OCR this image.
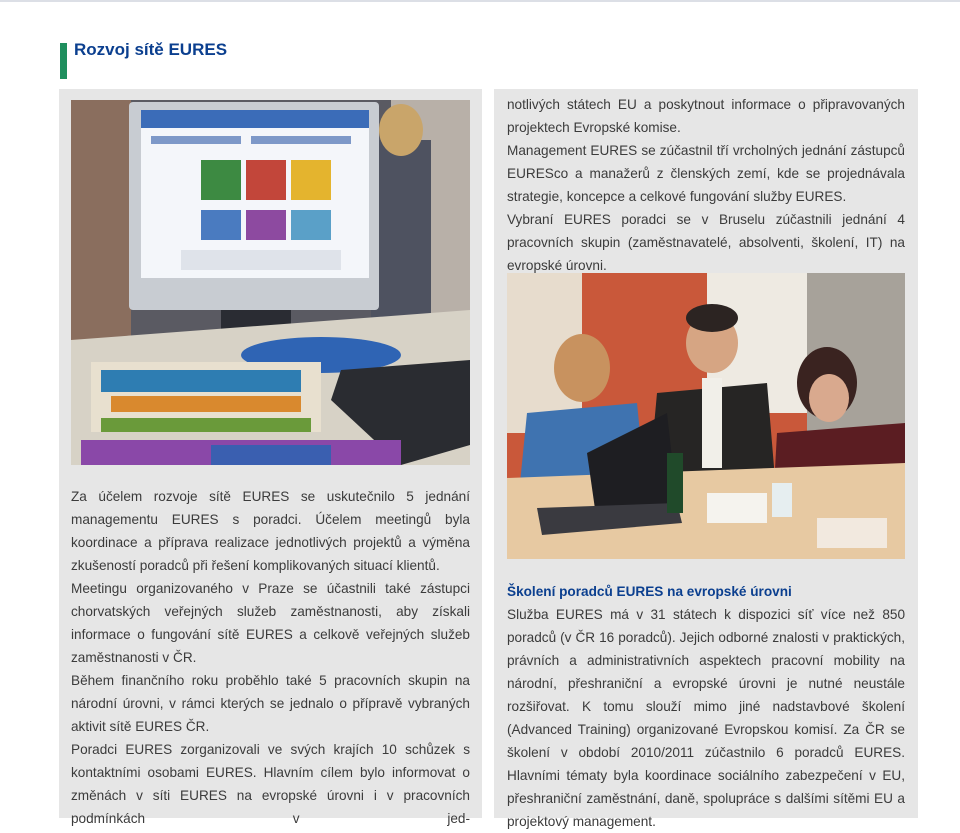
Rozvoj sítě EURES

notlivých státech EU a poskytnout informace o připravovaných projektech Evropské komise.

Management EURES se zúčastnil tří vrcholných jednání zástupců EURESco a manažerů z členských zemí, kde se projednávala strategie, koncepce a celkové fungování služby EURES.

Vybraní EURES poradci se v Bruselu zúčastnili jednání 4 pracovních skupin (zaměstnavatelé, absolventi, školení, IT) na evropské úrovni.

Za účelem rozvoje sítě EURES se uskutečnilo 5 jednání managementu EURES s poradci. Účelem meetingů byla koordinace a příprava realizace jednotlivých projektů a výměna zkušeností poradců při řešení komplikovaných situací klientů.

Meetingu organizovaného v Praze se účastnili také zástupci chorvatských veřejných služeb zaměstnanosti, aby získali informace o fungování sítě EURES a celkově veřejných služeb zaměstnanosti v ČR.

Během finančního roku proběhlo také 5 pracovních skupin na národní úrovni, v rámci kterých se jednalo o přípravě vybraných aktivit sítě EURES ČR.

Poradci EURES zorganizovali ve svých krajích 10 schůzek s kontaktními osobami EURES. Hlavním cílem bylo informovat o změnách v síti EURES na evropské úrovni i v pracovních podmínkách v jed-

Školení poradců EURES na evropské úrovni

Služba EURES má v 31 státech k dispozici síť více než 850 poradců (v ČR 16 poradců). Jejich odborné znalosti v praktických, právních a administrativních aspektech pracovní mobility na národní, přeshraniční a evropské úrovni je nutné neustále rozšiřovat. K tomu slouží mimo jiné nadstavbové školení (Advanced Training) organizované Evropskou komisí. Za ČR se školení v období 2010/2011 zúčastnilo 6 poradců EURES. Hlavními tématy byla koordinace sociálního zabezpečení v EU, přeshraniční zaměstnání, daně, spolupráce s dalšími sítěmi EU a projektový management.
